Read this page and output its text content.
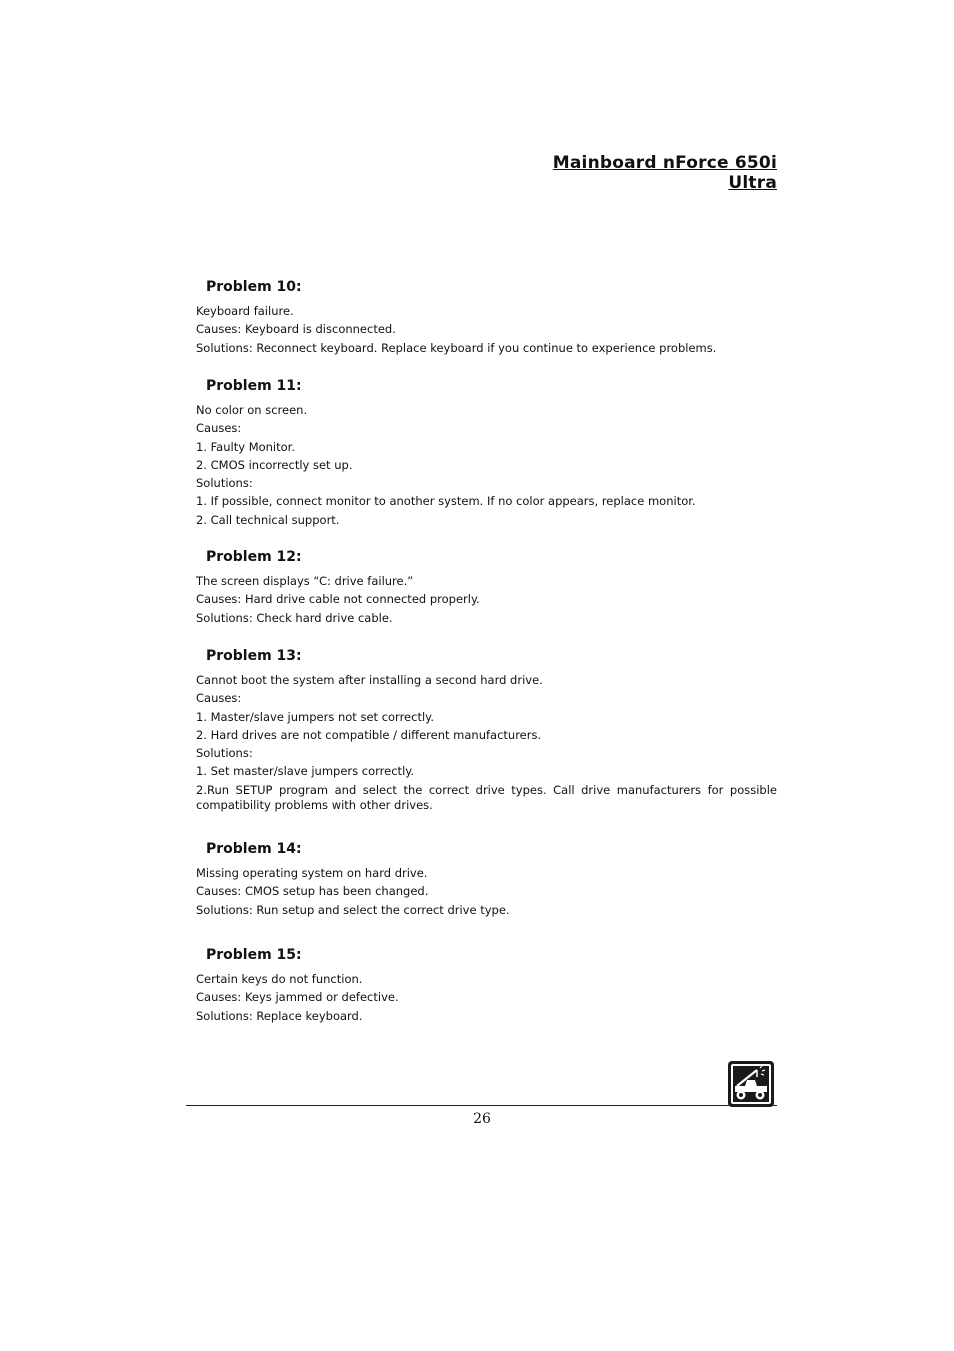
Mainboard nForce 650i Ultra
Problem 10:
Keyboard failure.
Causes: Keyboard is disconnected.
Solutions: Reconnect keyboard. Replace keyboard if you continue to experience problems.
Problem 11:
No color on screen.
Causes:
1. Faulty Monitor.
2. CMOS incorrectly set up.
Solutions:
1. If possible, connect monitor to another system. If no color appears, replace monitor.
2. Call technical support.
Problem 12:
The screen displays “C: drive failure.”
Causes: Hard drive cable not connected properly.
Solutions: Check hard drive cable.
Problem 13:
Cannot boot the system after installing a second hard drive.
Causes:
1. Master/slave jumpers not set correctly.
2. Hard drives are not compatible / different manufacturers.
Solutions:
1. Set master/slave jumpers correctly.
2.Run SETUP program and select the correct drive types. Call drive manufacturers for possible compatibility problems with other drives.
Problem 14:
Missing operating system on hard drive.
Causes: CMOS setup has been changed.
Solutions: Run setup and select the correct drive type.
Problem 15:
Certain keys do not function.
Causes: Keys jammed or defective.
Solutions: Replace keyboard.
26
